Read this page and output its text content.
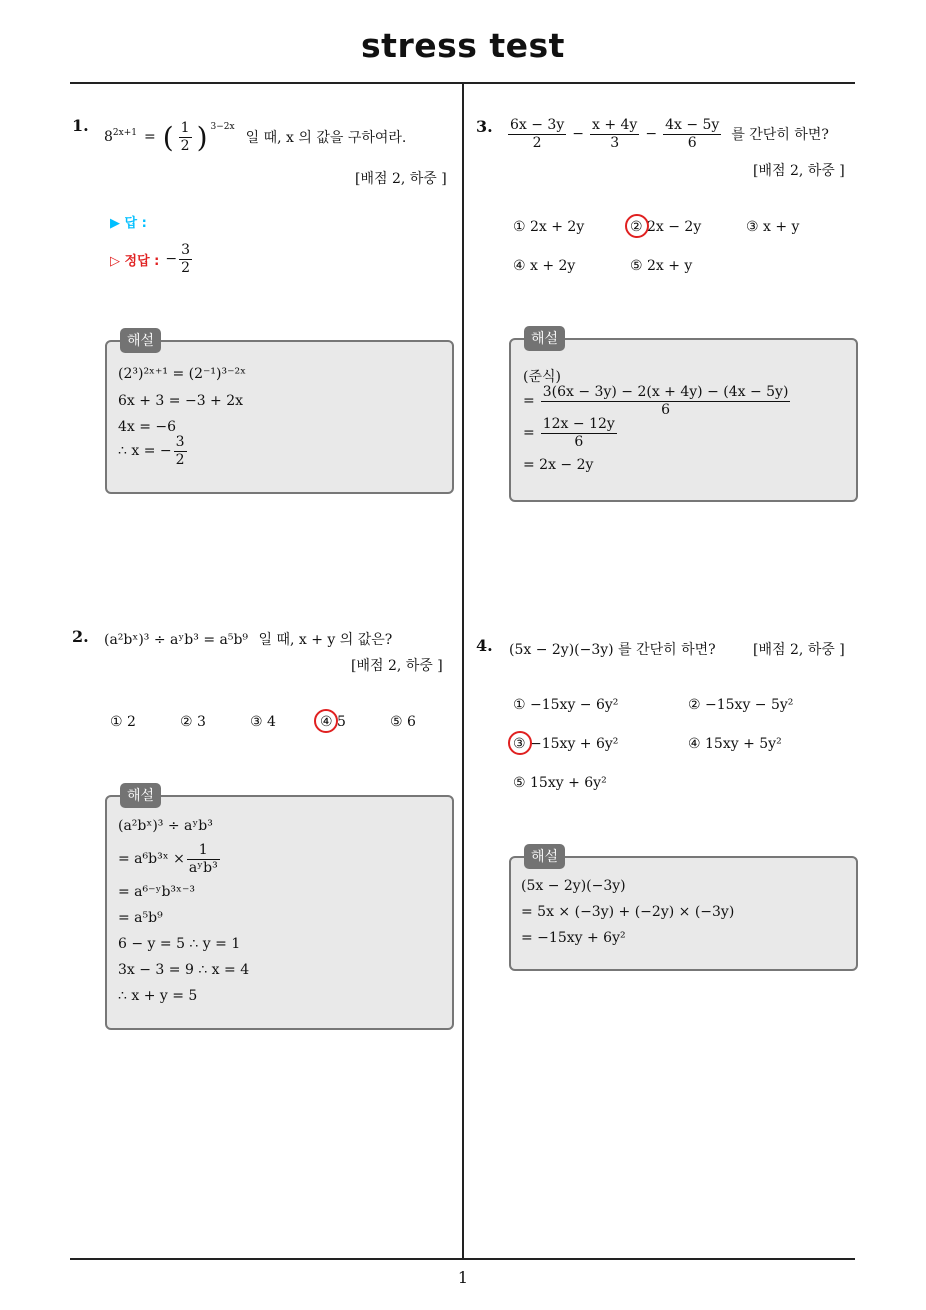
stress test
1
1.
$8^{2x+1}$ = ( $\frac{1}{2}$ ) $^{3-2x}$
일 때, x 의 값을 구하여라.
[배점 2, 하중 ]
▶ 답 :
▷ 정답 : − $\frac{3}{2}$
해설
(2³)²ˣ⁺¹ = (2⁻¹)³⁻²ˣ
6x + 3 = −3 + 2x
4x = −6
∴ x = − $\frac{3}{2}$
2. (a²bˣ)³ ÷ aʸb³ = a⁵b⁹ 일 때, x + y 의 값은?
[배점 2, 하중 ]
① 2	② 3	③ 4	④ 5	⑤ 6
해설
(a²bˣ)³ ÷ aʸb³
= a⁶b³ˣ × $\frac{1}{\text{aʸb³}}$
= a⁶⁻ʸb³ˣ⁻³
= a⁵b⁹
6 − y = 5 ∴ y = 1
3x − 3 = 9 ∴ x = 4
∴ x + y = 5
3. $\frac{6x - 3y}{2} - \frac{x + 4y}{3} - \frac{4x - 5y}{6}$ 를 간단히 하면?
[배점 2, 하중 ]
① 2x + 2y	② 2x − 2y	③ x + y
④ x + 2y	⑤ 2x + y
해설
(준식)
= $\frac{3(6x - 3y) - 2(x + 4y) - (4x - 5y)}{6}$
= $\frac{12x - 12y}{6}$
= 2x − 2y
4. (5x − 2y)(−3y) 를 간단히 하면?	[배점 2, 하중 ]
① −15xy − 6y²	② −15xy − 5y²
③ −15xy + 6y²	④ 15xy + 5y²
⑤ 15xy + 6y²
해설
(5x − 2y)(−3y)
= 5x × (−3y) + (−2y) × (−3y)
= −15xy + 6y²
